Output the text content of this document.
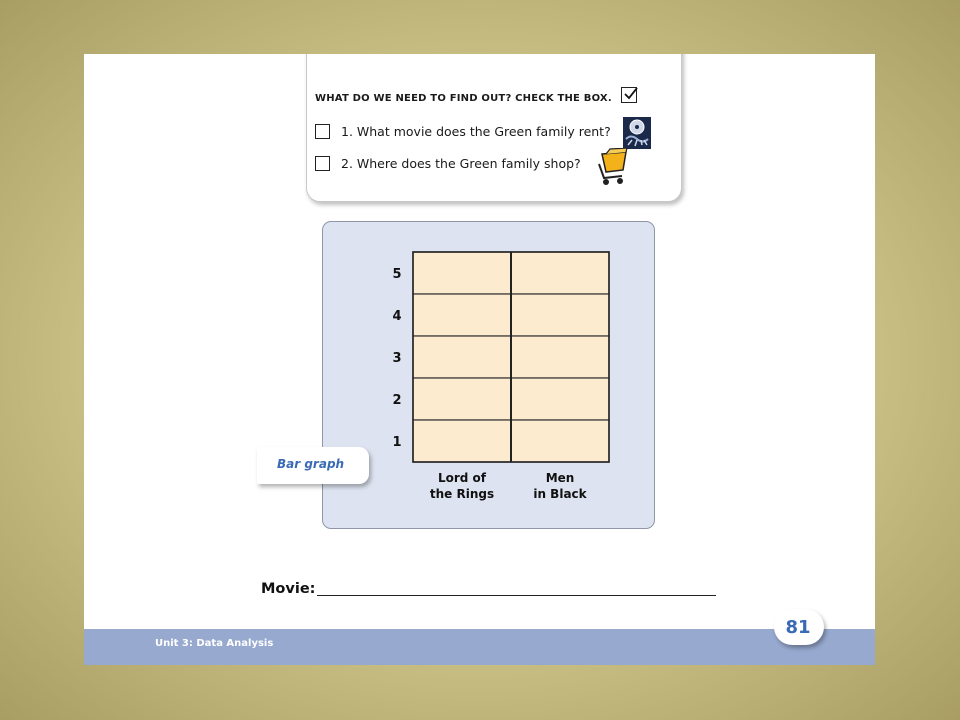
WHAT DO WE NEED TO FIND OUT? CHECK THE BOX.
1. What movie does the Green family rent?
2. Where does the Green family shop?
1
2
3
4
5
Lord of
the Rings
Men
in Black
Bar graph
Movie:
Unit 3: Data Analysis
81
